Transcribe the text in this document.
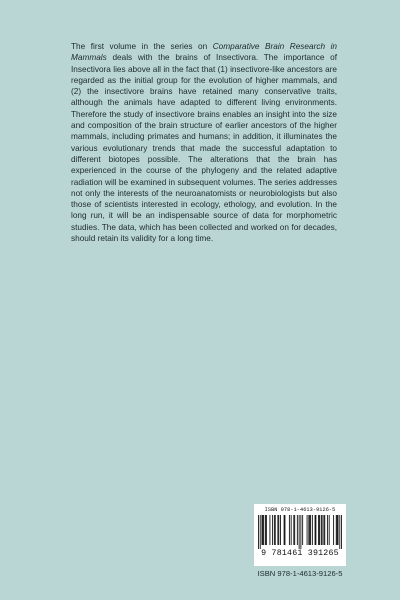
The first volume in the series on Comparative Brain Research in Mammals deals with the brains of Insectivora. The importance of Insectivora lies above all in the fact that (1) insectivore-like ancestors are regarded as the initial group for the evolution of higher mammals, and (2) the insectivore brains have retained many conservative traits, although the animals have adapted to different living environments. Therefore the study of insectivore brains enables an insight into the size and composition of the brain structure of earlier ancestors of the higher mammals, including primates and humans; in addition, it illuminates the various evolutionary trends that made the successful adaptation to different biotopes possible. The alterations that the brain has experienced in the course of the phylogeny and the related adaptive radiation will be examined in subsequent volumes. The series addresses not only the interests of the neuroanatomists or neurobiologists but also those of scientists interested in ecology, ethology, and evolution. In the long run, it will be an indispensable source of data for morphometric studies. The data, which has been collected and worked on for decades, should retain its validity for a long time.

ISBN 978-1-4613-9126-5
9 781461 391265
ISBN 978-1-4613-9126-5
